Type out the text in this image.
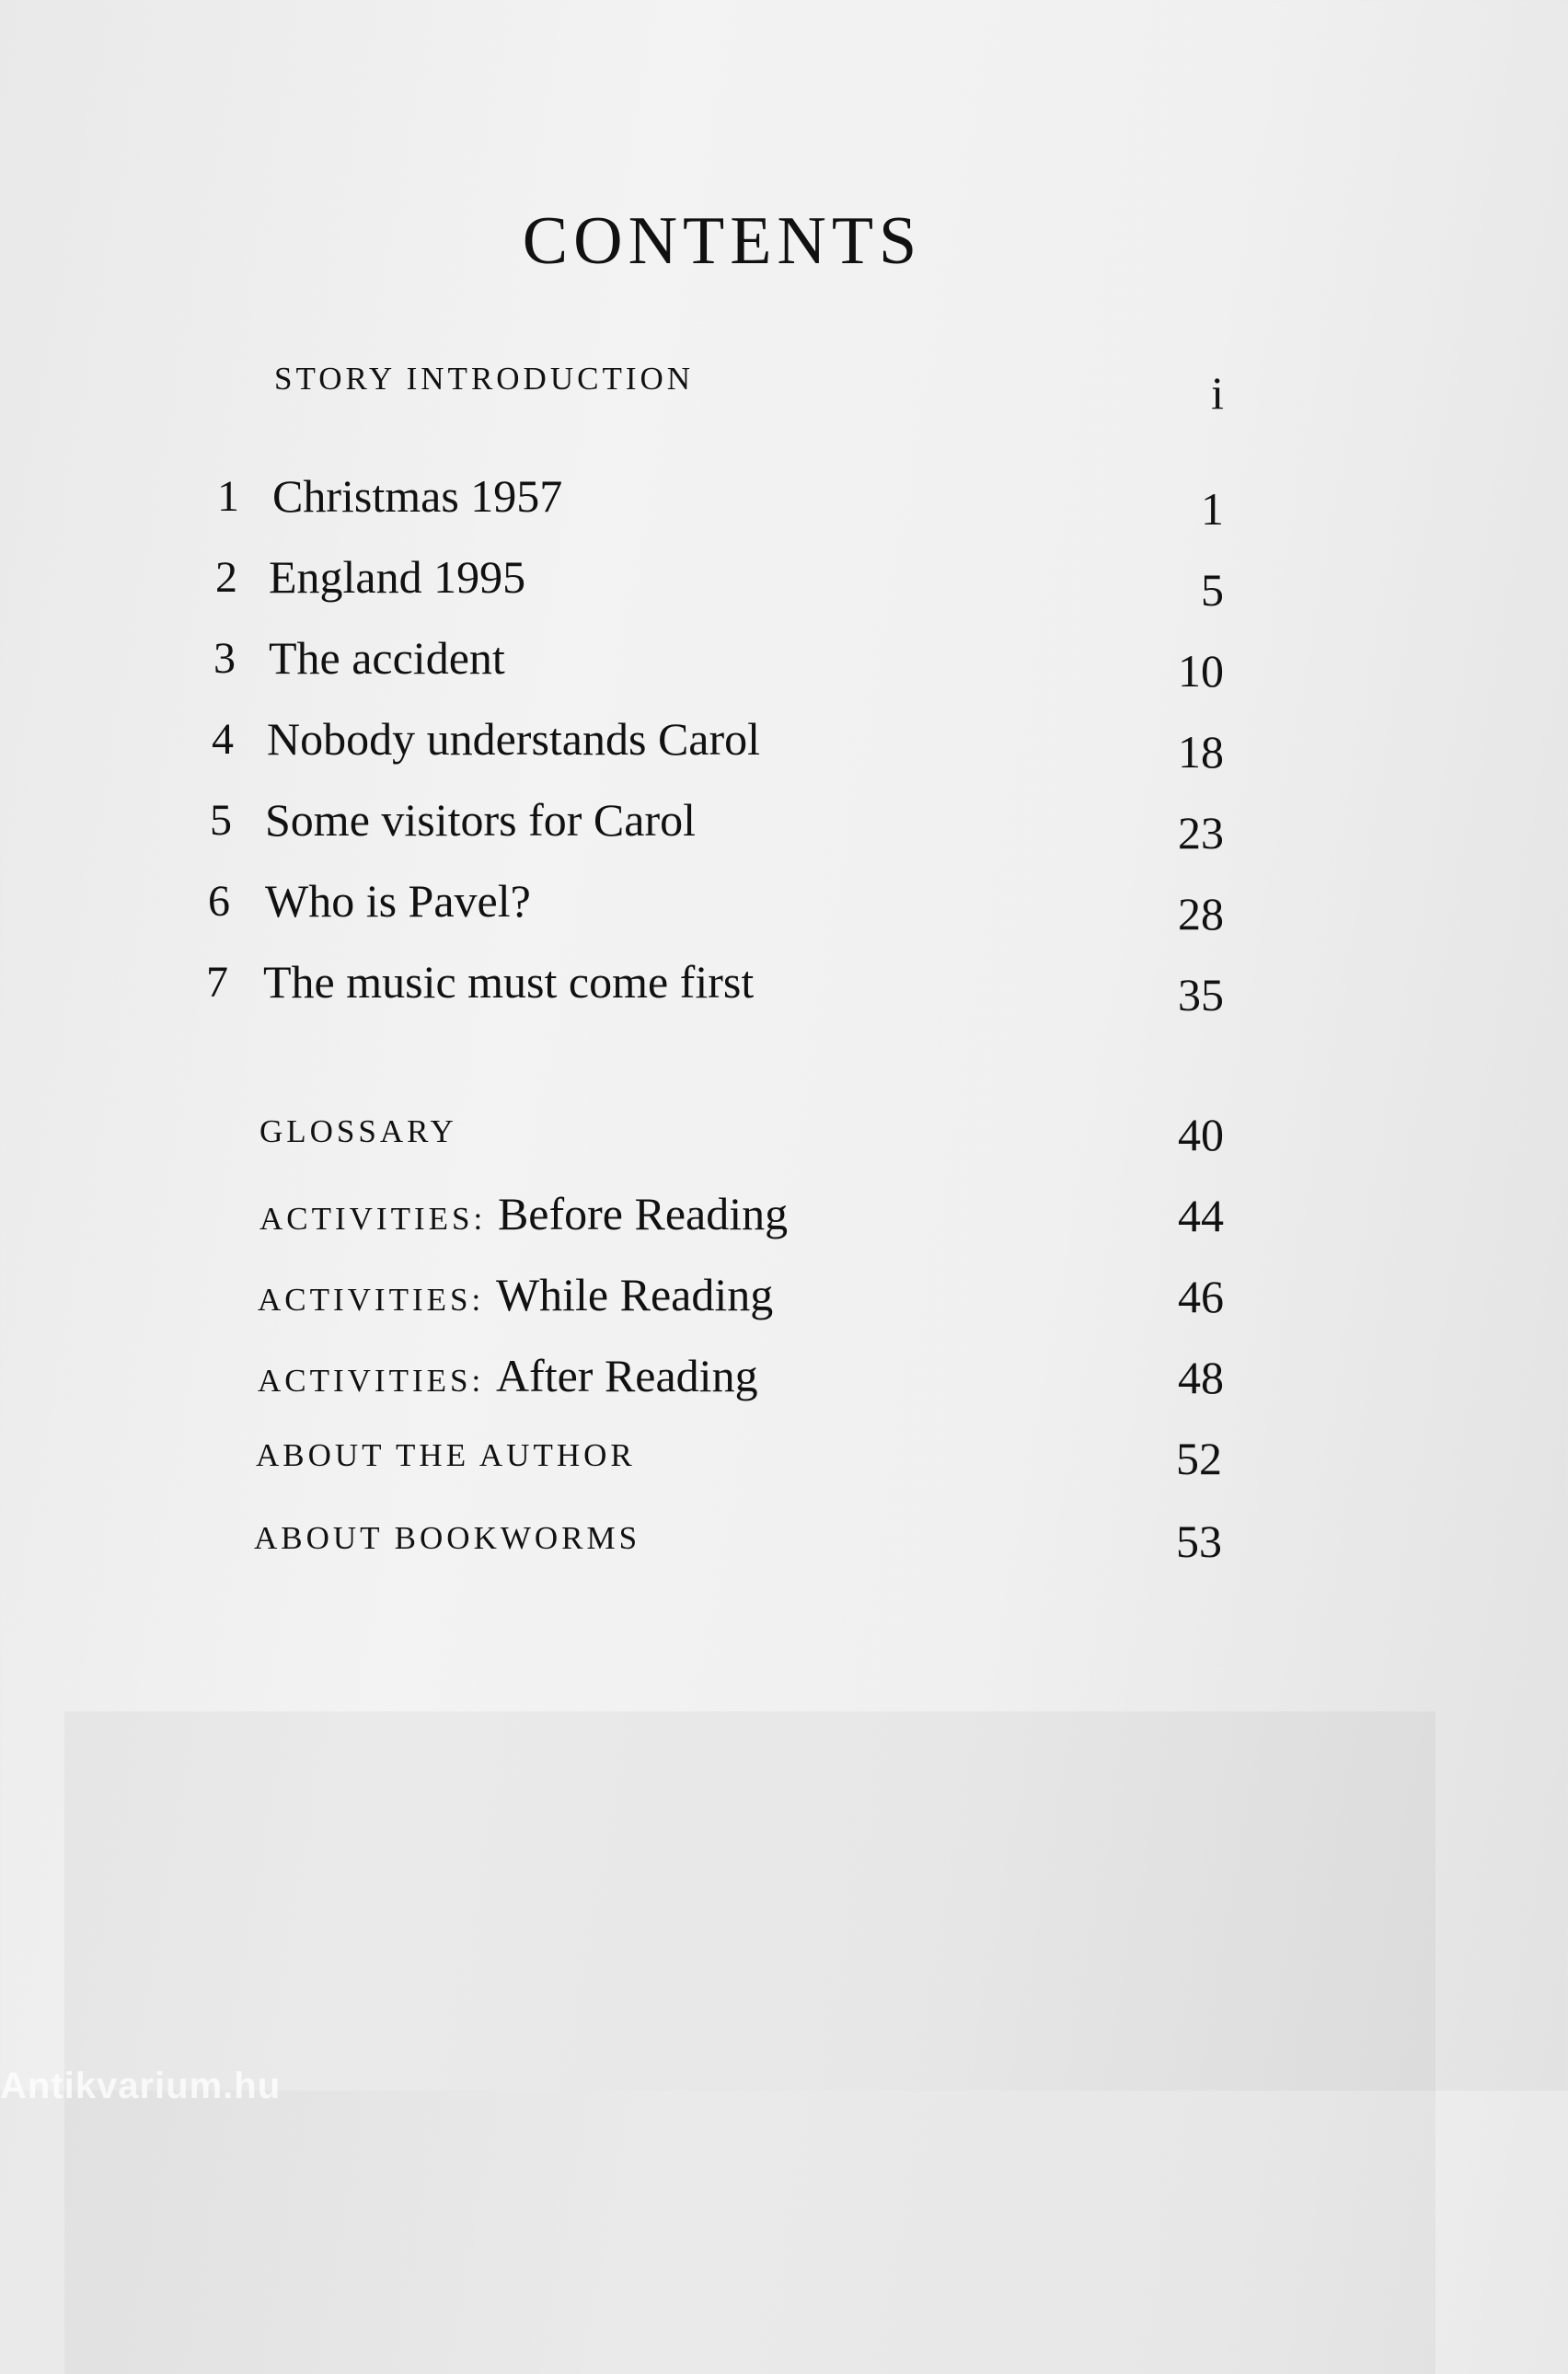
CONTENTS
STORY INTRODUCTION	i
1 Christmas 1957	1
2 England 1995	5
3 The accident	10
4 Nobody understands Carol	18
5 Some visitors for Carol	23
6 Who is Pavel?	28
7 The music must come first	35
GLOSSARY	40
ACTIVITIES: Before Reading	44
ACTIVITIES: While Reading	46
ACTIVITIES: After Reading	48
ABOUT THE AUTHOR	52
ABOUT BOOKWORMS	53
Antikvarium.hu
